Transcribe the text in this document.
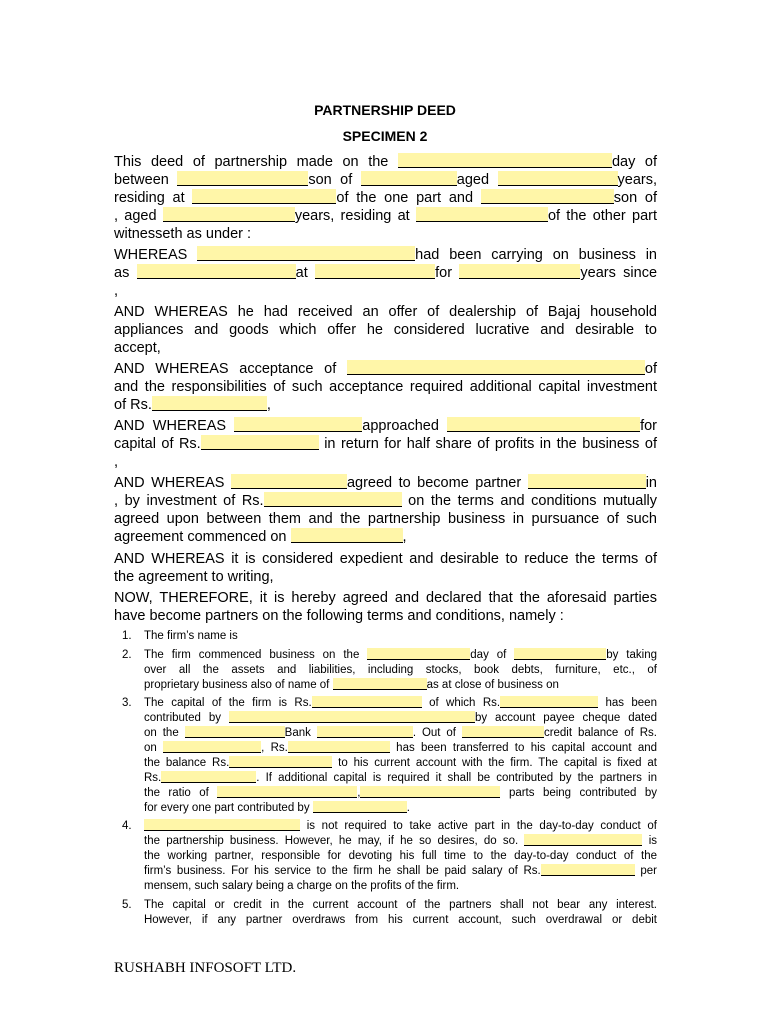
PARTNERSHIP DEED
SPECIMEN 2
This deed of partnership made on the	day of
between	son of	aged	years,
residing at	of the one part and	son of
, aged	years, residing at	of the other part
witnesseth as under :
WHEREAS	had been carrying on business in
as	at	for	years since
,
AND WHEREAS he had received an offer of dealership of Bajaj household
appliances and goods which offer he considered lucrative and desirable to
accept,
AND WHEREAS acceptance of	of
and the responsibilities of such acceptance required additional capital investment
of Rs.	,
AND WHEREAS	approached	for
capital of Rs.	in return for half share of profits in the business of
,
AND WHEREAS	agreed to become partner	in
, by investment of Rs.	on the terms and conditions mutually
agreed upon between them and the partnership business in pursuance of such
agreement commenced on	,
AND WHEREAS it is considered expedient and desirable to reduce the terms of
the agreement to writing,
NOW, THEREFORE, it is hereby agreed and declared that the aforesaid parties
have become partners on the following terms and conditions, namely :
1. The firm’s name is
2. The firm commenced business on the	day of	by taking
over all the assets and liabilities, including stocks, book debts, furniture, etc., of
proprietary business also of name of	as at close of business on
3. The capital of the firm is Rs.	of which Rs.	has been
contributed by	by account payee cheque dated
on the	Bank	. Out of	credit balance of Rs.
on	, Rs.	has been transferred to his capital account and
the balance Rs.	to his current account with the firm. The capital is fixed at
Rs.	. If additional capital is required it shall be contributed by the partners in
the ratio of	,	parts being contributed by
for every one part contributed by	.
4.	is not required to take active part in the day-to-day conduct of
the partnership business. However, he may, if he so desires, do so.	is
the working partner, responsible for devoting his full time to the day-to-day conduct of the
firm’s business. For his service to the firm he shall be paid salary of Rs.	per
mensem, such salary being a charge on the profits of the firm.
5. The capital or credit in the current account of the partners shall not bear any interest.
However, if any partner overdraws from his current account, such overdrawal or debit
RUSHABH INFOSOFT LTD.
